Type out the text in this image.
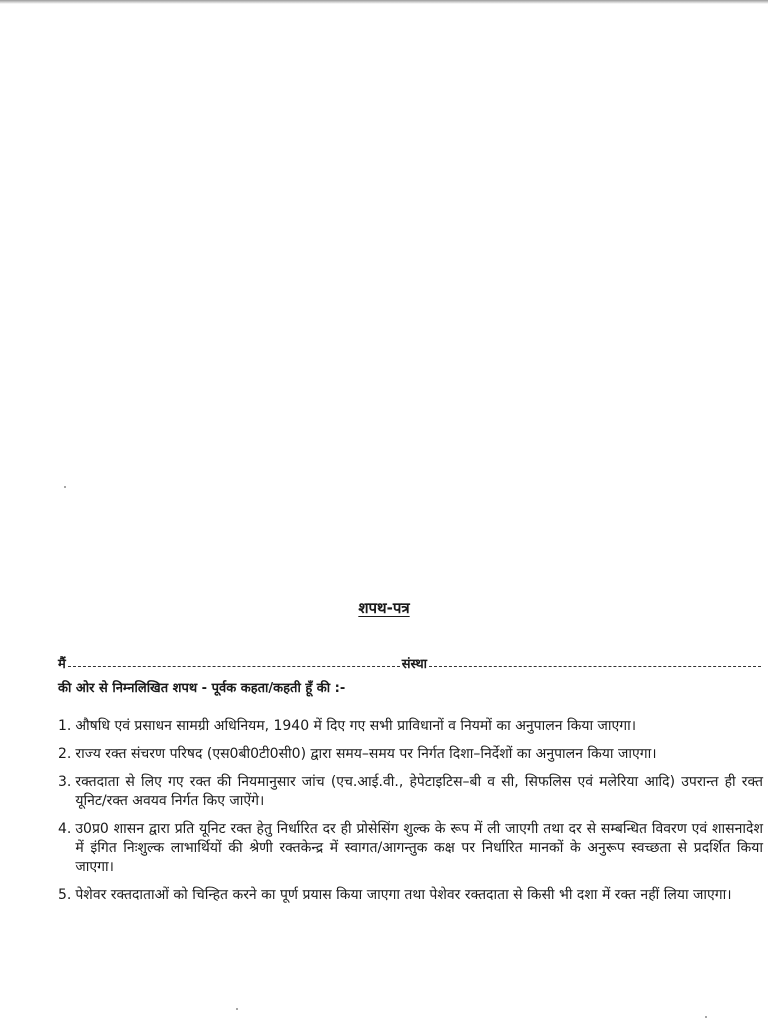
शपथ-पत्र
मैं	संस्था

की ओर से निम्नलिखित शपथ - पूर्वक कहता/कहती हूँ की :-

1. औषधि एवं प्रसाधन सामग्री अधिनियम, 1940 में दिए गए सभी प्राविधानों व नियमों का अनुपालन किया जाएगा।
2. राज्य रक्त संचरण परिषद (एस0बी0टी0सी0) द्वारा समय–समय पर निर्गत दिशा–निर्देशों का अनुपालन किया जाएगा।
3. रक्तदाता से लिए गए रक्त की नियमानुसार जांच (एच.आई.वी., हेपेटाइटिस–बी व सी, सिफलिस एवं मलेरिया आदि) उपरान्त ही रक्त यूनिट/रक्त अवयव निर्गत किए जाऐंगे।
4. उ0प्र0 शासन द्वारा प्रति यूनिट रक्त हेतु निर्धारित दर ही प्रोसेसिंग शुल्क के रूप में ली जाएगी तथा दर से सम्बन्धित विवरण एवं शासनादेश में इंगित निःशुल्क लाभार्थियों की श्रेणी रक्तकेन्द्र में स्वागत/आगन्तुक कक्ष पर निर्धारित मानकों के अनुरूप स्वच्छता से प्रदर्शित किया जाएगा।
5. पेशेवर रक्तदाताओं को चिन्हित करने का पूर्ण प्रयास किया जाएगा तथा पेशेवर रक्तदाता से किसी भी दशा में रक्त नहीं लिया जाएगा।
